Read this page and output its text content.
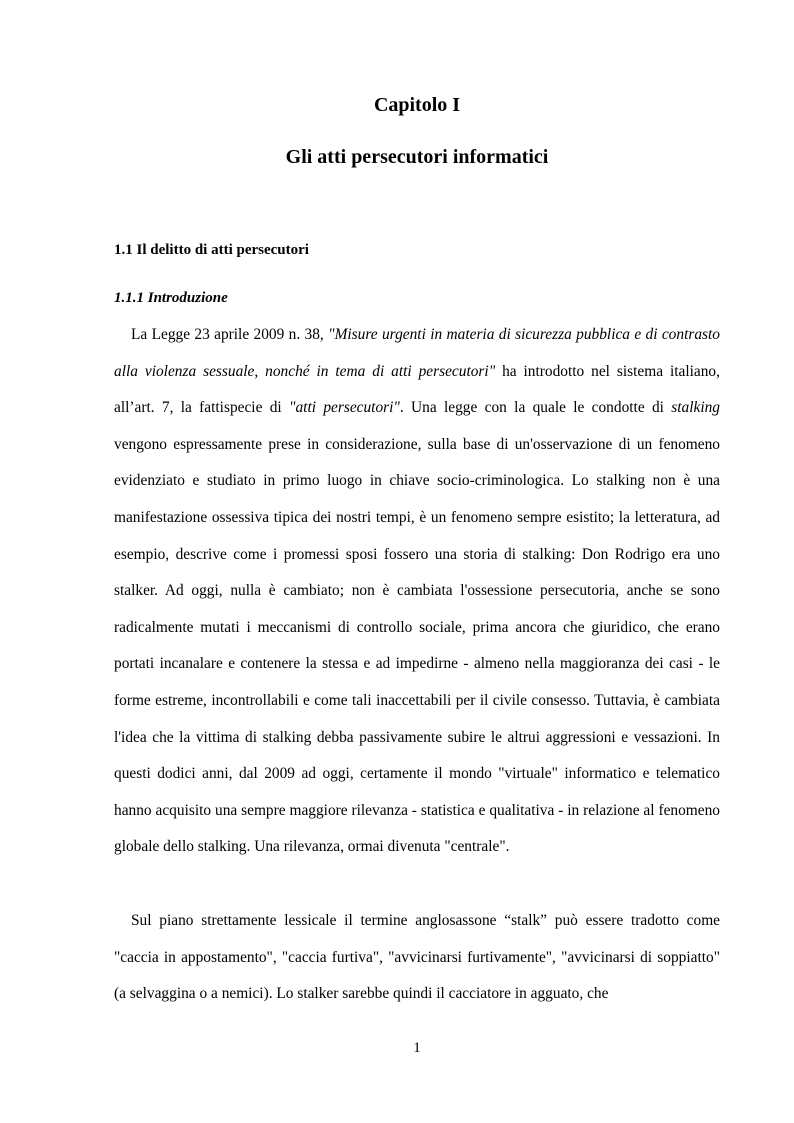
Capitolo I
Gli atti persecutori informatici
1.1 Il delitto di atti persecutori
1.1.1 Introduzione

La Legge 23 aprile 2009 n. 38, "Misure urgenti in materia di sicurezza pubblica e di contrasto alla violenza sessuale, nonché in tema di atti persecutori" ha introdotto nel sistema italiano, all’art. 7, la fattispecie di "atti persecutori". Una legge con la quale le condotte di stalking vengono espressamente prese in considerazione, sulla base di un'osservazione di un fenomeno evidenziato e studiato in primo luogo in chiave socio-criminologica. Lo stalking non è una manifestazione ossessiva tipica dei nostri tempi, è un fenomeno sempre esistito; la letteratura, ad esempio, descrive come i promessi sposi fossero una storia di stalking: Don Rodrigo era uno stalker. Ad oggi, nulla è cambiato; non è cambiata l'ossessione persecutoria, anche se sono radicalmente mutati i meccanismi di controllo sociale, prima ancora che giuridico, che erano portati incanalare e contenere la stessa e ad impedirne - almeno nella maggioranza dei casi - le forme estreme, incontrollabili e come tali inaccettabili per il civile consesso. Tuttavia, è cambiata l'idea che la vittima di stalking debba passivamente subire le altrui aggressioni e vessazioni. In questi dodici anni, dal 2009 ad oggi, certamente il mondo "virtuale" informatico e telematico hanno acquisito una sempre maggiore rilevanza - statistica e qualitativa - in relazione al fenomeno globale dello stalking. Una rilevanza, ormai divenuta "centrale".

Sul piano strettamente lessicale il termine anglosassone “stalk” può essere tradotto come "caccia in appostamento", "caccia furtiva", "avvicinarsi furtivamente", "avvicinarsi di soppiatto" (a selvaggina o a nemici). Lo stalker sarebbe quindi il cacciatore in agguato, che

1
